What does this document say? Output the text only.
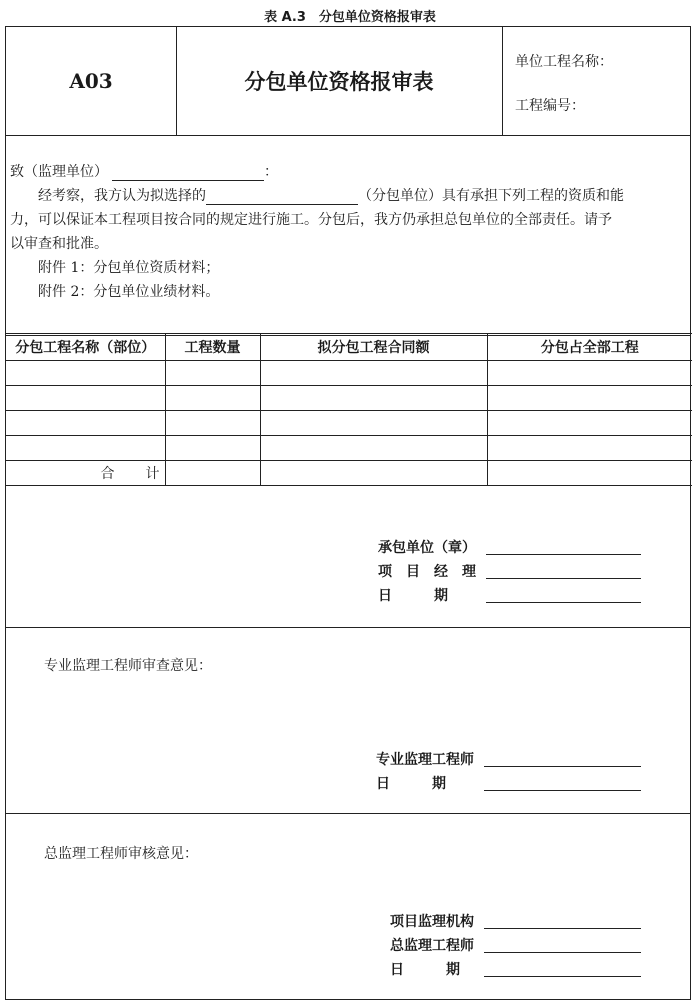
表 A.3　分包单位资格报审表
A03	分包单位资格报审表
单位工程名称：
工程编号：
致（监理单位）	：
经考察，我方认为拟选择的	（分包单位）具有承担下列工程的资质和能
力，可以保证本工程项目按合同的规定进行施工。分包后，我方仍承担总包单位的全部责任。请予
以审查和批准。
附件 1：分包单位资质材料；
附件 2：分包单位业绩材料。
分包工程名称（部位）	工程数量	拟分包工程合同额	分包占全部工程

合　　计			
承包单位（章）
项　目　经　理
日　　　期
专业监理工程师审查意见：
专业监理工程师
日　　　期
总监理工程师审核意见：
项目监理机构
总监理工程师
日　　　期
